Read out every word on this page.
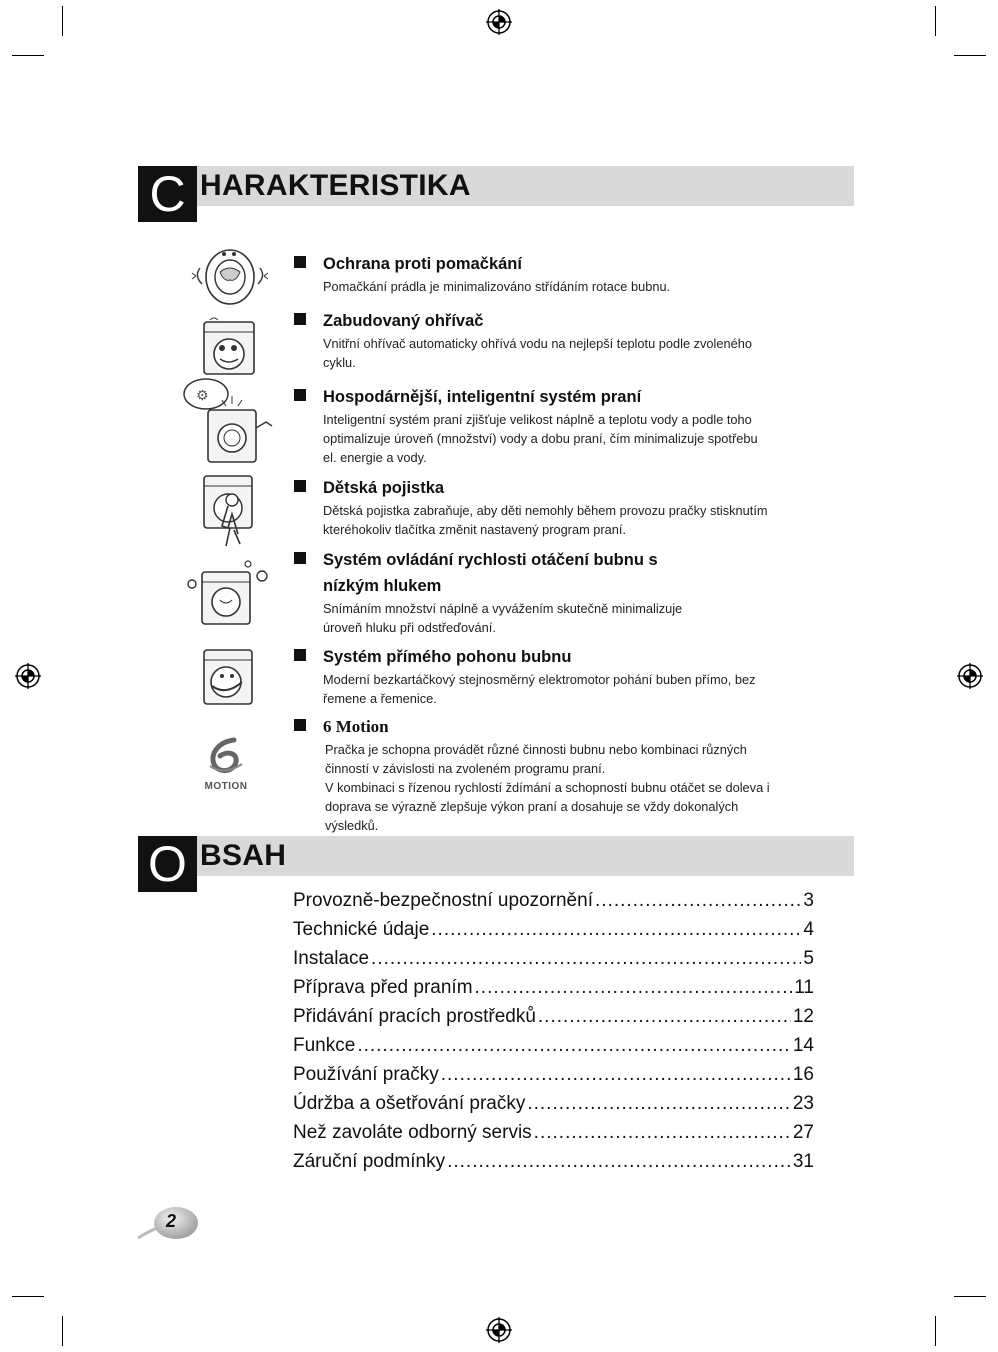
C HARAKTERISTIKA
⚙
MOTION
Ochrana proti pomačkání
Pomačkání prádla je minimalizováno střídáním rotace bubnu.
Zabudovaný ohřívač
Vnitřní ohřívač automaticky ohřívá vodu na nejlepší teplotu podle zvoleného cyklu.
Hospodárnější, inteligentní systém praní
Inteligentní systém praní zjišťuje velikost náplně a teplotu vody a podle toho optimalizuje úroveň (množství) vody a dobu praní, čím minimalizuje spotřebu el. energie a vody.
Dětská pojistka
Dětská pojistka zabraňuje, aby děti nemohly během provozu pračky stisknutím kteréhokoliv tlačítka změnit nastavený program praní.
Systém ovládání rychlosti otáčení bubnu s nízkým hlukem
Snímáním množství náplně a vyvážením skutečně minimalizuje úroveň hluku při odstřeďování.
Systém přímého pohonu bubnu
Moderní bezkartáčkový stejnosměrný elektromotor pohání buben přímo, bez řemene a řemenice.
6 Motion
Pračka je schopna provádět různé činnosti bubnu nebo kombinaci různých činností v závislosti na zvoleném programu praní.
V kombinaci s řízenou rychlostí ždímání a schopností bubnu otáčet se doleva i doprava se výrazně zlepšuje výkon praní a dosahuje se vždy dokonalých výsledků.
O BSAH
Provozně-bezpečnostní upozornění .....	3
Technické údaje .....	4
Instalace .....	5
Příprava před praním .....	11
Přidávání pracích prostředků .....	12
Funkce .....	14
Používání pračky .....	16
Údržba a ošetřování pračky .....	23
Než zavoláte odborný servis .....	27
Záruční podmínky .....	31
2
